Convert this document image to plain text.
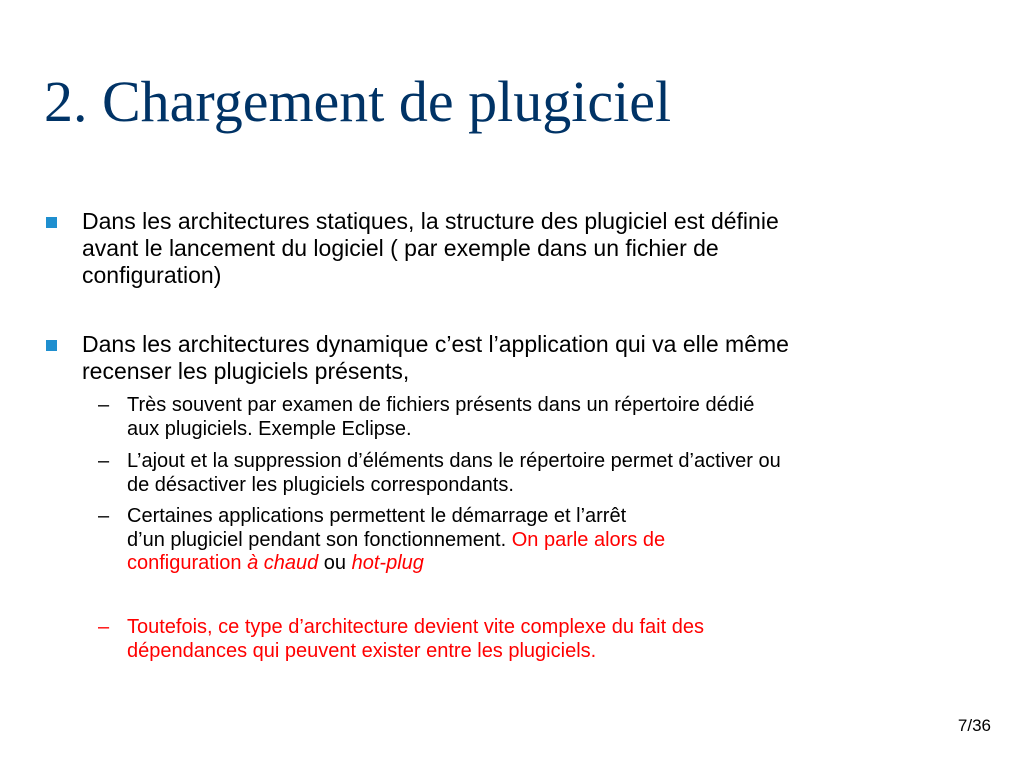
2. Chargement de plugiciel
Dans les architectures statiques, la structure des plugiciel est définie
avant le lancement du logiciel ( par exemple dans un fichier de
configuration)
Dans les architectures dynamique c’est l’application qui va elle même
recenser les plugiciels présents,
– Très souvent par examen de fichiers présents dans un répertoire dédié
aux plugiciels. Exemple Eclipse.
– L’ajout et la suppression d’éléments dans le répertoire permet d’activer ou
de désactiver les plugiciels correspondants.
– Certaines applications permettent le démarrage et l’arrêt
d’un plugiciel pendant son fonctionnement. On parle alors de
configuration à chaud ou hot-plug
– Toutefois, ce type d’architecture devient vite complexe du fait des
dépendances qui peuvent exister entre les plugiciels.
7/36
